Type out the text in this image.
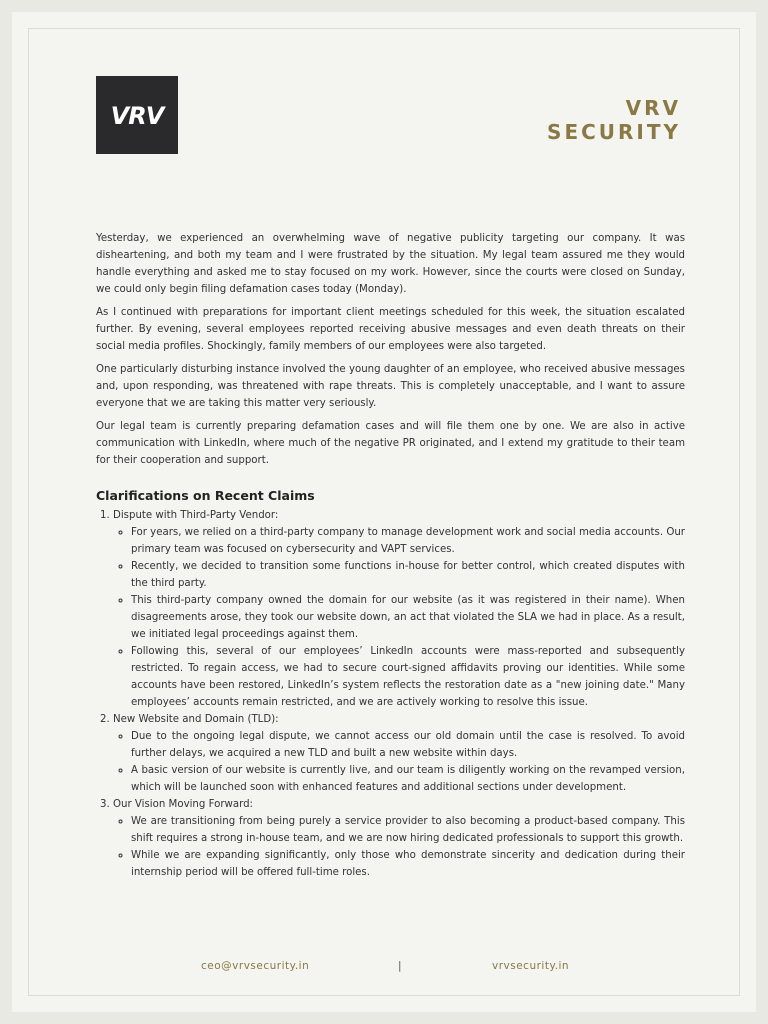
VRV	VRV
SECURITY

Yesterday, we experienced an overwhelming wave of negative publicity targeting our company. It was disheartening, and both my team and I were frustrated by the situation. My legal team assured me they would handle everything and asked me to stay focused on my work. However, since the courts were closed on Sunday, we could only begin filing defamation cases today (Monday).

As I continued with preparations for important client meetings scheduled for this week, the situation escalated further. By evening, several employees reported receiving abusive messages and even death threats on their social media profiles. Shockingly, family members of our employees were also targeted.

One particularly disturbing instance involved the young daughter of an employee, who received abusive messages and, upon responding, was threatened with rape threats. This is completely unacceptable, and I want to assure everyone that we are taking this matter very seriously.

Our legal team is currently preparing defamation cases and will file them one by one. We are also in active communication with LinkedIn, where much of the negative PR originated, and I extend my gratitude to their team for their cooperation and support.

Clarifications on Recent Claims
1. Dispute with Third-Party Vendor:
◦ For years, we relied on a third-party company to manage development work and social media accounts. Our primary team was focused on cybersecurity and VAPT services.
◦ Recently, we decided to transition some functions in-house for better control, which created disputes with the third party.
◦ This third-party company owned the domain for our website (as it was registered in their name). When disagreements arose, they took our website down, an act that violated the SLA we had in place. As a result, we initiated legal proceedings against them.
◦ Following this, several of our employees’ LinkedIn accounts were mass-reported and subsequently restricted. To regain access, we had to secure court-signed affidavits proving our identities. While some accounts have been restored, LinkedIn’s system reflects the restoration date as a "new joining date." Many employees’ accounts remain restricted, and we are actively working to resolve this issue.
2. New Website and Domain (TLD):
◦ Due to the ongoing legal dispute, we cannot access our old domain until the case is resolved. To avoid further delays, we acquired a new TLD and built a new website within days.
◦ A basic version of our website is currently live, and our team is diligently working on the revamped version, which will be launched soon with enhanced features and additional sections under development.
3. Our Vision Moving Forward:
◦ We are transitioning from being purely a service provider to also becoming a product-based company. This shift requires a strong in-house team, and we are now hiring dedicated professionals to support this growth.
◦ While we are expanding significantly, only those who demonstrate sincerity and dedication during their internship period will be offered full-time roles.
ceo@vrvsecurity.in	|	vrvsecurity.in
